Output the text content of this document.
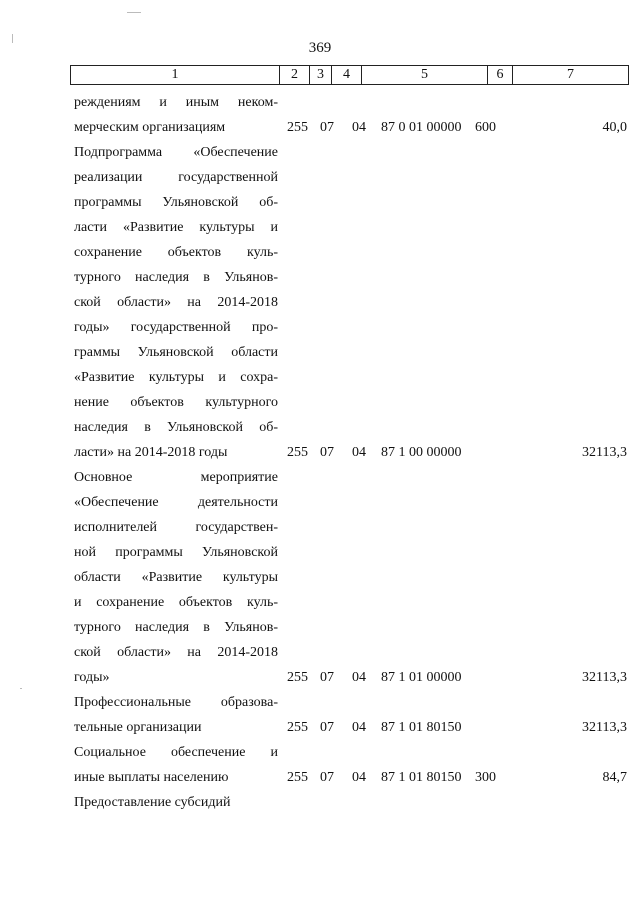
369
1	2	3	4	5	6	7
реждениям и иным неком-
мерческим организациям	255 07 04 87 0 01 00000 600	40,0
Подпрограмма «Обеспечение
реализации государственной
программы Ульяновской об-
ласти «Развитие культуры и
сохранение объектов куль-
турного наследия в Ульянов-
ской области» на 2014-2018
годы» государственной про-
граммы Ульяновской области
«Развитие культуры и сохра-
нение объектов культурного
наследия в Ульяновской об-
ласти» на 2014-2018 годы	255 07 04 87 1 00 00000	32113,3
Основное мероприятие
«Обеспечение деятельности
исполнителей государствен-
ной программы Ульяновской
области «Развитие культуры
и сохранение объектов куль-
турного наследия в Ульянов-
ской области» на 2014-2018
годы»	255 07 04 87 1 01 00000	32113,3
Профессиональные образова-
тельные организации	255 07 04 87 1 01 80150	32113,3
Социальное обеспечение и
иные выплаты населению	255 07 04 87 1 01 80150 300	84,7
Предоставление субсидий
